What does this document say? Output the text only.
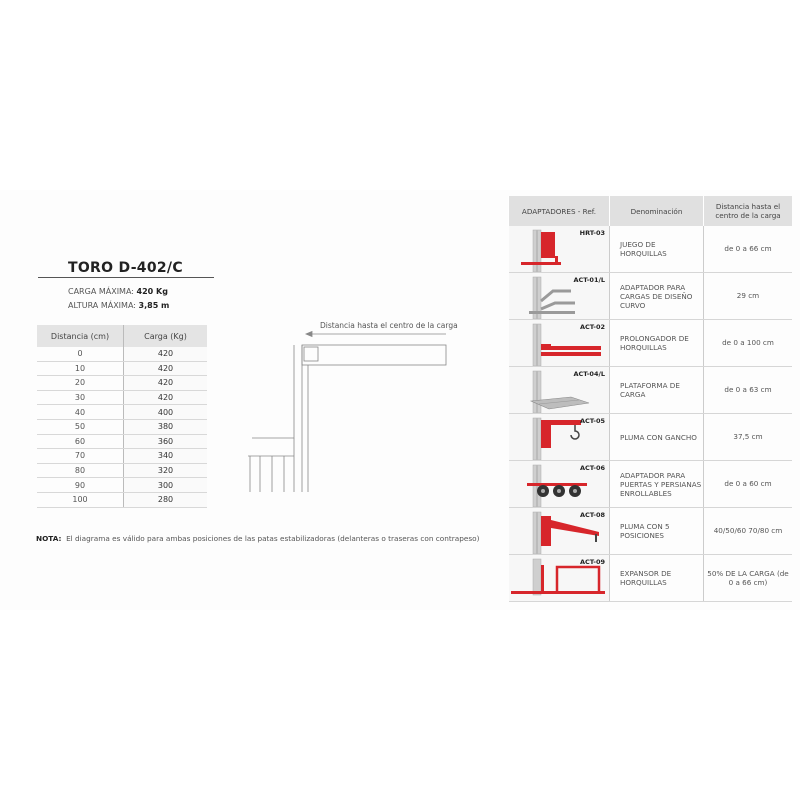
TORO D-402/C
CARGA MÁXIMA: 420 Kg
ALTURA MÁXIMA: 3,85 m
Distancia (cm)	Carga (Kg)
0	420
10	420
20	420
30	420
40	400
50	380
60	360
70	340
80	320
90	300
100	280
NOTA: El diagrama es válido para ambas posiciones de las patas estabilizadoras (delanteras o traseras con contrapeso)
Distancia hasta el centro de la carga
ADAPTADORES - Ref.	Denominación	Distancia hasta el centro de la carga

HRT-03	JUEGO DE HORQUILLAS	de 0 a 66 cm

ACT-01/L	ADAPTADOR PARA CARGAS DE DISEÑO CURVO	29 cm

ACT-02	PROLONGADOR DE HORQUILLAS	de 0 a 100 cm

ACT-04/L	PLATAFORMA DE CARGA	de 0 a 63 cm

ACT-05	PLUMA CON GANCHO	37,5 cm

ACT-06	ADAPTADOR PARA PUERTAS Y PERSIANAS ENROLLABLES	de 0 a 60 cm

ACT-08	PLUMA CON 5 POSICIONES	40/50/60 70/80 cm

ACT-09	EXPANSOR DE HORQUILLAS	50% DE LA CARGA (de 0 a 66 cm)
